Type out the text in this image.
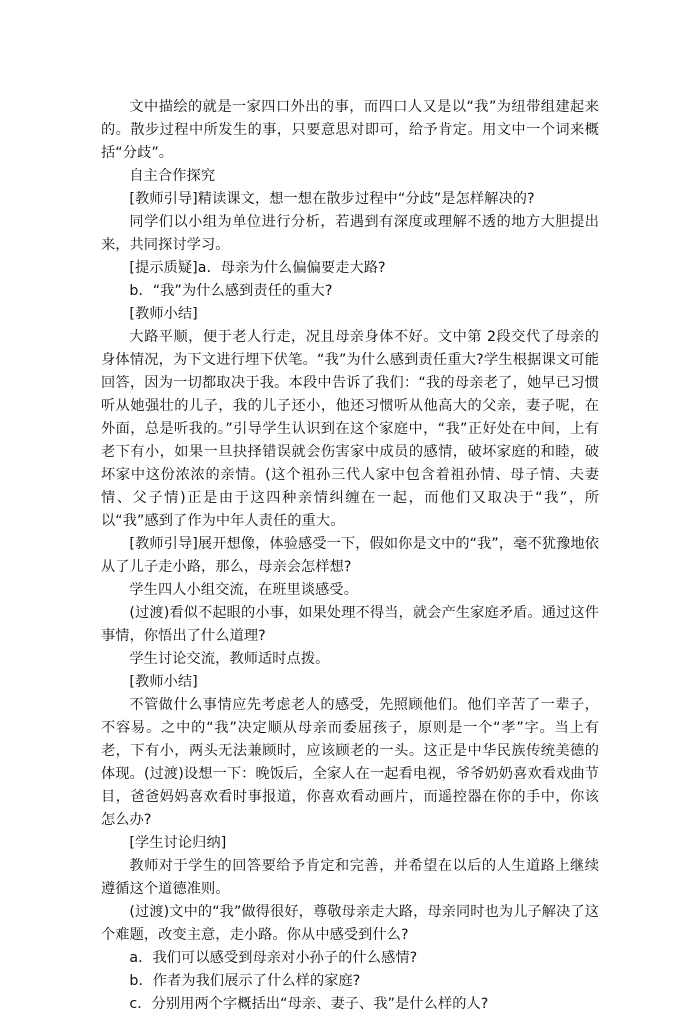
文中描绘的就是一家四口外出的事，而四口人又是以“我”为纽带组建起来的。散步过程中所发生的事，只要意思对即可，给予肯定。用文中一个词来概括“分歧”。

自主合作探究

[教师引导]精读课文，想一想在散步过程中“分歧”是怎样解决的?

同学们以小组为单位进行分析，若遇到有深度或理解不透的地方大胆提出来，共同探讨学习。

[提示质疑]a．母亲为什么偏偏要走大路?

b．“我”为什么感到责任的重大?

[教师小结]

大路平顺，便于老人行走，况且母亲身体不好。文中第 2段交代了母亲的身体情况，为下文进行埋下伏笔。“我”为什么感到责任重大?学生根据课文可能回答，因为一切都取决于我。本段中告诉了我们：“我的母亲老了，她早已习惯听从她强壮的儿子，我的儿子还小，他还习惯听从他高大的父亲，妻子呢，在外面，总是听我的。”引导学生认识到在这个家庭中，“我”正好处在中间，上有老下有小，如果一旦抉择错误就会伤害家中成员的感情，破坏家庭的和睦，破坏家中这份浓浓的亲情。(这个祖孙三代人家中包含着祖孙情、母子情、夫妻情、父子情)正是由于这四种亲情纠缠在一起，而他们又取决于“我”，所以“我”感到了作为中年人责任的重大。

[教师引导]展开想像，体验感受一下，假如你是文中的“我”，毫不犹豫地依从了儿子走小路，那么，母亲会怎样想?

学生四人小组交流，在班里谈感受。

(过渡)看似不起眼的小事，如果处理不得当，就会产生家庭矛盾。通过这件事情，你悟出了什么道理?

学生讨论交流，教师适时点拨。

[教师小结]

不管做什么事情应先考虑老人的感受，先照顾他们。他们辛苦了一辈子，不容易。之中的“我”决定顺从母亲而委屈孩子，原则是一个“孝”字。当上有老，下有小，两头无法兼顾时，应该顾老的一头。这正是中华民族传统美德的体现。(过渡)设想一下：晚饭后，全家人在一起看电视，爷爷奶奶喜欢看戏曲节目，爸爸妈妈喜欢看时事报道，你喜欢看动画片，而遥控器在你的手中，你该怎么办?

[学生讨论归纳]

教师对于学生的回答要给予肯定和完善，并希望在以后的人生道路上继续遵循这个道德准则。

(过渡)文中的“我”做得很好，尊敬母亲走大路，母亲同时也为儿子解决了这个难题，改变主意，走小路。你从中感受到什么?

a．我们可以感受到母亲对小孙子的什么感情?

b．作者为我们展示了什么样的家庭?

c．分别用两个字概括出“母亲、妻子、我”是什么样的人?
